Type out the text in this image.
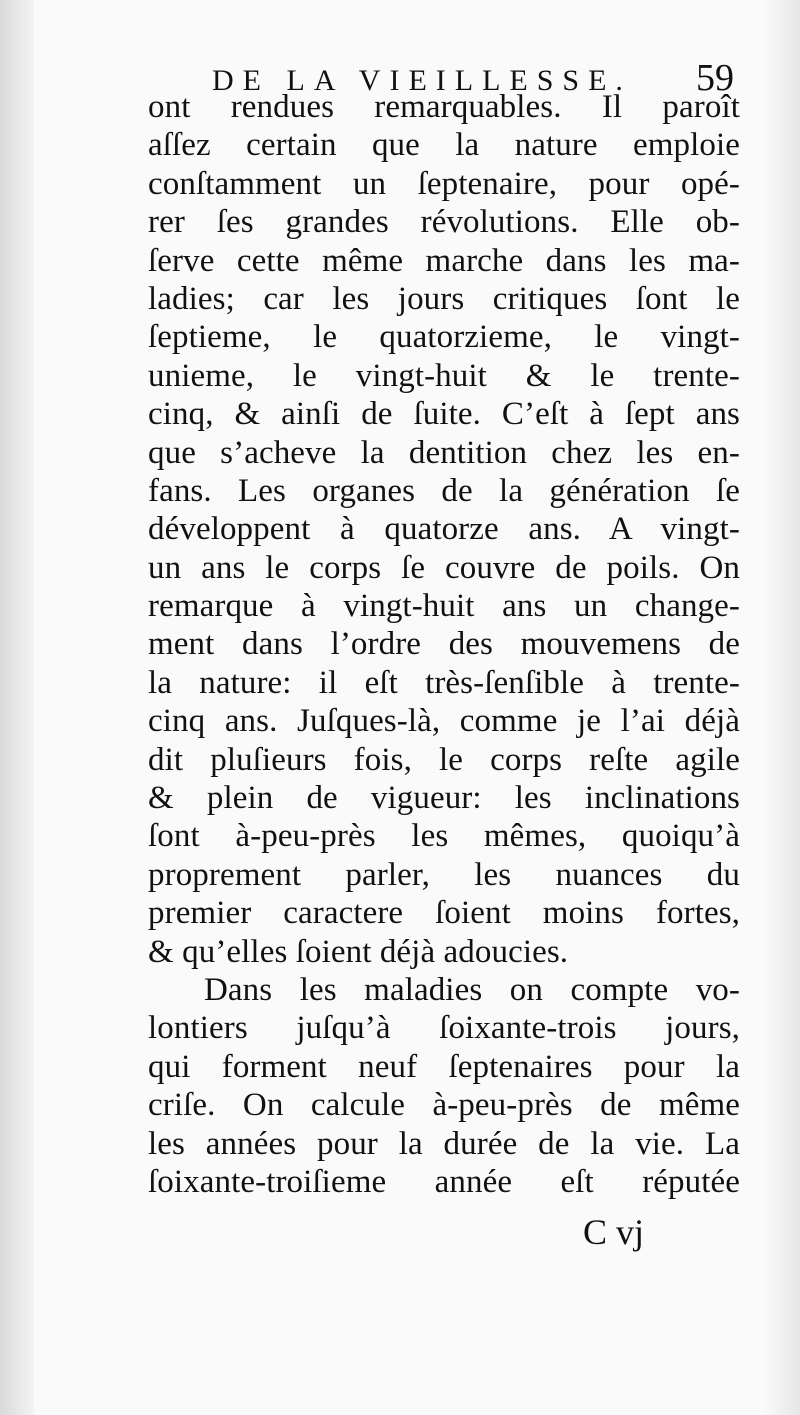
DE LA VIEILLESSE. 59
ont rendues remarquables. Il paroît
aſſez certain que la nature emploie
conſtamment un ſeptenaire, pour opé-
rer ſes grandes révolutions. Elle ob-
ſerve cette même marche dans les ma-
ladies; car les jours critiques ſont le
ſeptieme, le quatorzieme, le vingt-
unieme, le vingt-huit & le trente-
cinq, & ainſi de ſuite. C’eſt à ſept ans
que s’acheve la dentition chez les en-
fans. Les organes de la génération ſe
développent à quatorze ans. A vingt-
un ans le corps ſe couvre de poils. On
remarque à vingt-huit ans un change-
ment dans l’ordre des mouvemens de
la nature: il eſt très-ſenſible à trente-
cinq ans. Juſques-là, comme je l’ai déjà
dit pluſieurs fois, le corps reſte agile
& plein de vigueur: les inclinations
ſont à-peu-près les mêmes, quoiqu’à
proprement parler, les nuances du
premier caractere ſoient moins fortes,
& qu’elles ſoient déjà adoucies.
Dans les maladies on compte vo-
lontiers juſqu’à ſoixante-trois jours,
qui forment neuf ſeptenaires pour la
criſe. On calcule à-peu-près de même
les années pour la durée de la vie. La
ſoixante-troiſieme année eſt réputée
C vj
